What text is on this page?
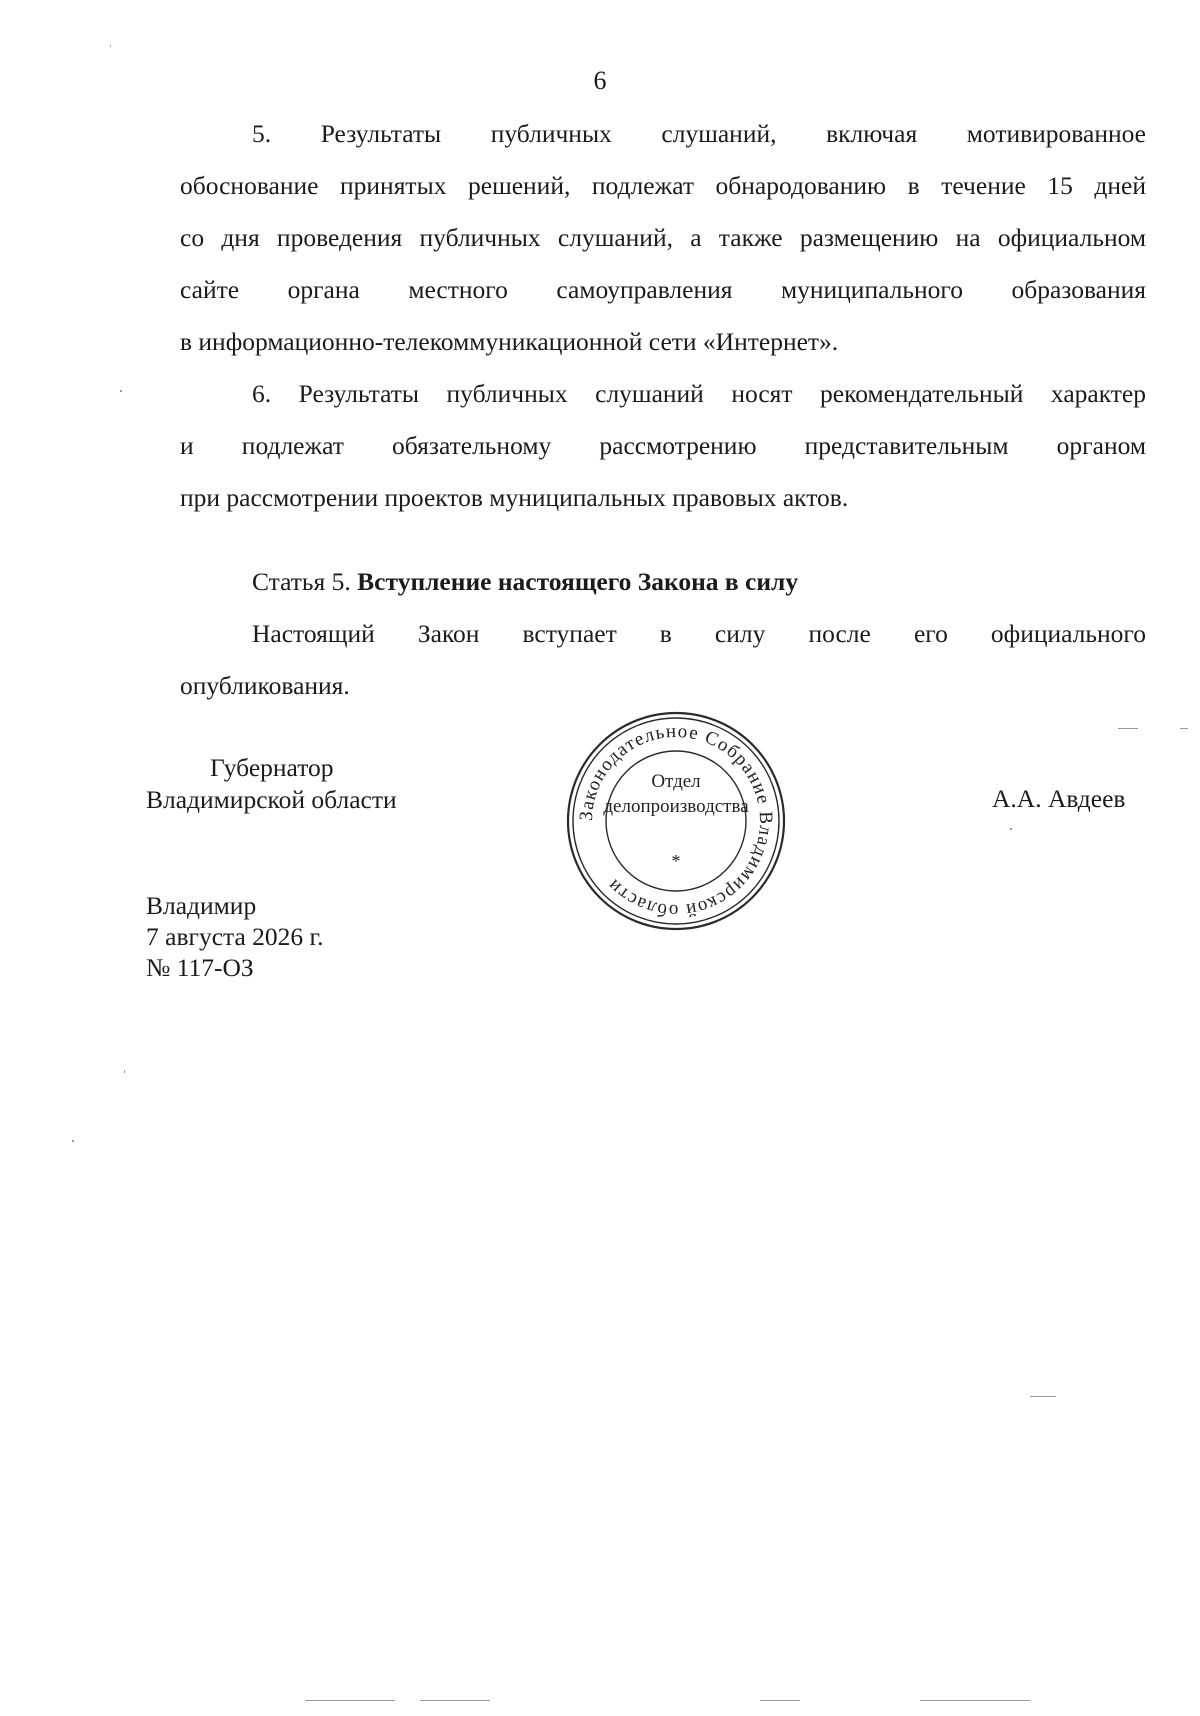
6

5. Результаты публичных слушаний, включая мотивированное
обоснование принятых решений, подлежат обнародованию в течение 15 дней
со дня проведения публичных слушаний, а также размещению на официальном
сайте органа местного самоуправления муниципального образования
в информационно-телекоммуникационной сети «Интернет».

6. Результаты публичных слушаний носят рекомендательный характер
и подлежат обязательному рассмотрению представительным органом
при рассмотрении проектов муниципальных правовых актов.

Статья 5. Вступление настоящего Закона в силу

Настоящий Закон вступает в силу после его официального
опубликования.

Губернатор
Владимирской области	А.А. Авдеев
Законодательное Собрание Владимирской области
Отдел
делопроизводства
*
Владимир
7 августа 2026 г.
№ 117-ОЗ
